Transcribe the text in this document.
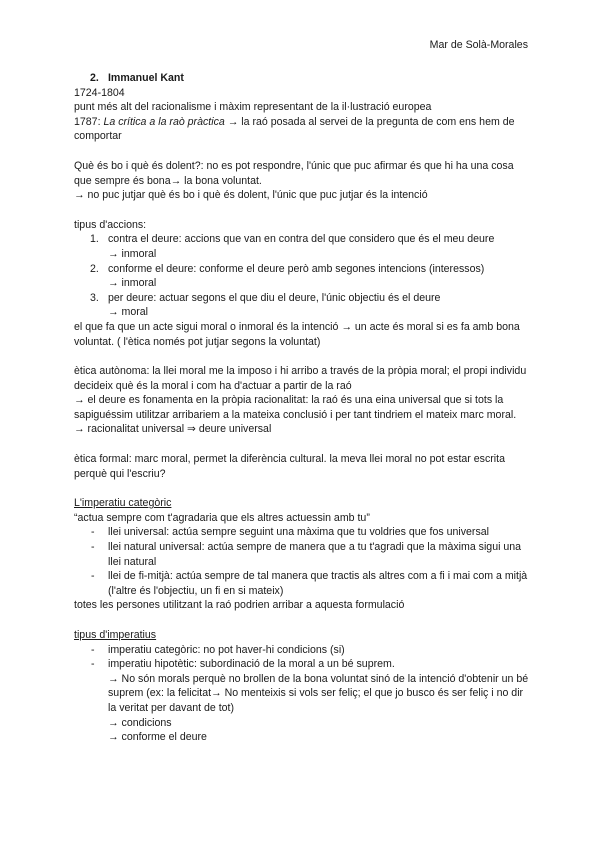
Mar de Solà-Morales

2. Immanuel Kant

1724-1804

punt més alt del racionalisme i màxim representant de la il·lustració europea

1787: La crítica a la raò pràctica → la raó posada al servei de la pregunta de com ens hem de comportar

Què és bo i què és dolent?: no es pot respondre, l'únic que puc afirmar és que hi ha una cosa que sempre és bona→ la bona voluntat.

→ no puc jutjar què és bo i què és dolent, l'únic que puc jutjar és la intenció

tipus d'accions:

1. contra el deure: accions que van en contra del que considero que és el meu deure
→ inmoral
2. conforme el deure: conforme el deure però amb segones intencions (interessos)
→ inmoral
3. per deure: actuar segons el que diu el deure, l'únic objectiu és el deure
→ moral

el que fa que un acte sigui moral o inmoral és la intenció → un acte és moral si es fa amb bona voluntat. ( l'ètica només pot jutjar segons la voluntat)

ètica autònoma: la llei moral me la imposo i hi arribo a través de la pròpia moral; el propi individu decideix què és la moral i com ha d'actuar a partir de la raó

→ el deure es fonamenta en la pròpia racionalitat: la raó és una eina universal que si tots la sapiguéssim utilitzar arribariem a la mateixa conclusió i per tant tindriem el mateix marc moral.

→ racionalitat universal ⇒ deure universal

ètica formal: marc moral, permet la diferència cultural. la meva llei moral no pot estar escrita perquè qui l'escriu?

L'imperatiu categòric

“actua sempre com t'agradaria que els altres actuessin amb tu”

- llei universal: actúa sempre seguint una màxima que tu voldries que fos universal
- llei natural universal: actúa sempre de manera que a tu t'agradi que la màxima sigui una llei natural
- llei de fi-mitjà: actúa sempre de tal manera que tractis als altres com a fi i mai com a mitjà (l'altre és l'objectiu, un fi en si mateix)

totes les persones utilitzant la raó podrien arribar a aquesta formulació

tipus d'imperatius

- imperatiu categòric: no pot haver-hi condicions (si)
- imperatiu hipotètic: subordinació de la moral a un bé suprem.
→ No són morals perquè no brollen de la bona voluntat sinó de la intenció d'obtenir un bé suprem (ex: la felicitat→ No menteixis si vols ser feliç; el que jo busco és ser feliç i no dir la veritat per davant de tot)
→ condicions
→ conforme el deure
